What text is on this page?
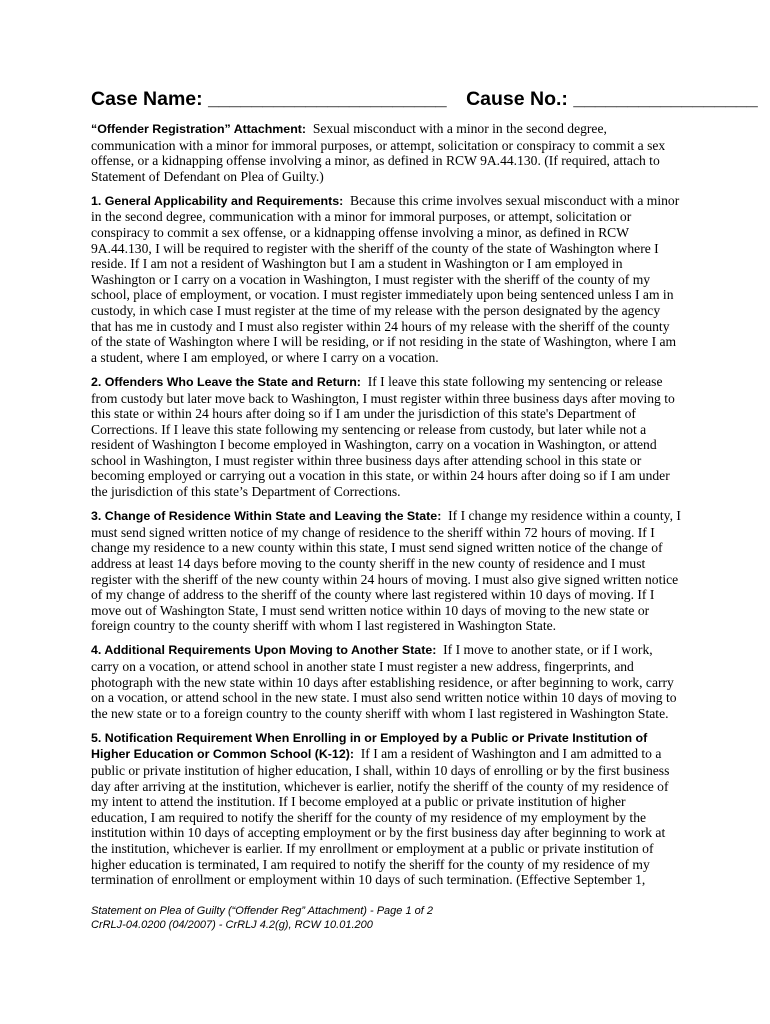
Case Name: ______________________ Cause No.: _________________

“Offender Registration” Attachment: Sexual misconduct with a minor in the second degree, communication with a minor for immoral purposes, or attempt, solicitation or conspiracy to commit a sex offense, or a kidnapping offense involving a minor, as defined in RCW 9A.44.130. (If required, attach to Statement of Defendant on Plea of Guilty.)

1. General Applicability and Requirements: Because this crime involves sexual misconduct with a minor in the second degree, communication with a minor for immoral purposes, or attempt, solicitation or conspiracy to commit a sex offense, or a kidnapping offense involving a minor, as defined in RCW 9A.44.130, I will be required to register with the sheriff of the county of the state of Washington where I reside. If I am not a resident of Washington but I am a student in Washington or I am employed in Washington or I carry on a vocation in Washington, I must register with the sheriff of the county of my school, place of employment, or vocation. I must register immediately upon being sentenced unless I am in custody, in which case I must register at the time of my release with the person designated by the agency that has me in custody and I must also register within 24 hours of my release with the sheriff of the county of the state of Washington where I will be residing, or if not residing in the state of Washington, where I am a student, where I am employed, or where I carry on a vocation.

2. Offenders Who Leave the State and Return: If I leave this state following my sentencing or release from custody but later move back to Washington, I must register within three business days after moving to this state or within 24 hours after doing so if I am under the jurisdiction of this state's Department of Corrections. If I leave this state following my sentencing or release from custody, but later while not a resident of Washington I become employed in Washington, carry on a vocation in Washington, or attend school in Washington, I must register within three business days after attending school in this state or becoming employed or carrying out a vocation in this state, or within 24 hours after doing so if I am under the jurisdiction of this state’s Department of Corrections.

3. Change of Residence Within State and Leaving the State: If I change my residence within a county, I must send signed written notice of my change of residence to the sheriff within 72 hours of moving. If I change my residence to a new county within this state, I must send signed written notice of the change of address at least 14 days before moving to the county sheriff in the new county of residence and I must register with the sheriff of the new county within 24 hours of moving. I must also give signed written notice of my change of address to the sheriff of the county where last registered within 10 days of moving. If I move out of Washington State, I must send written notice within 10 days of moving to the new state or foreign country to the county sheriff with whom I last registered in Washington State.

4. Additional Requirements Upon Moving to Another State: If I move to another state, or if I work, carry on a vocation, or attend school in another state I must register a new address, fingerprints, and photograph with the new state within 10 days after establishing residence, or after beginning to work, carry on a vocation, or attend school in the new state. I must also send written notice within 10 days of moving to the new state or to a foreign country to the county sheriff with whom I last registered in Washington State.

5. Notification Requirement When Enrolling in or Employed by a Public or Private Institution of Higher Education or Common School (K-12): If I am a resident of Washington and I am admitted to a public or private institution of higher education, I shall, within 10 days of enrolling or by the first business day after arriving at the institution, whichever is earlier, notify the sheriff of the county of my residence of my intent to attend the institution. If I become employed at a public or private institution of higher education, I am required to notify the sheriff for the county of my residence of my employment by the institution within 10 days of accepting employment or by the first business day after beginning to work at the institution, whichever is earlier. If my enrollment or employment at a public or private institution of higher education is terminated, I am required to notify the sheriff for the county of my residence of my termination of enrollment or employment within 10 days of such termination. (Effective September 1,

Statement on Plea of Guilty (“Offender Reg” Attachment) - Page 1 of 2
CrRLJ-04.0200 (04/2007) - CrRLJ 4.2(g), RCW 10.01.200
